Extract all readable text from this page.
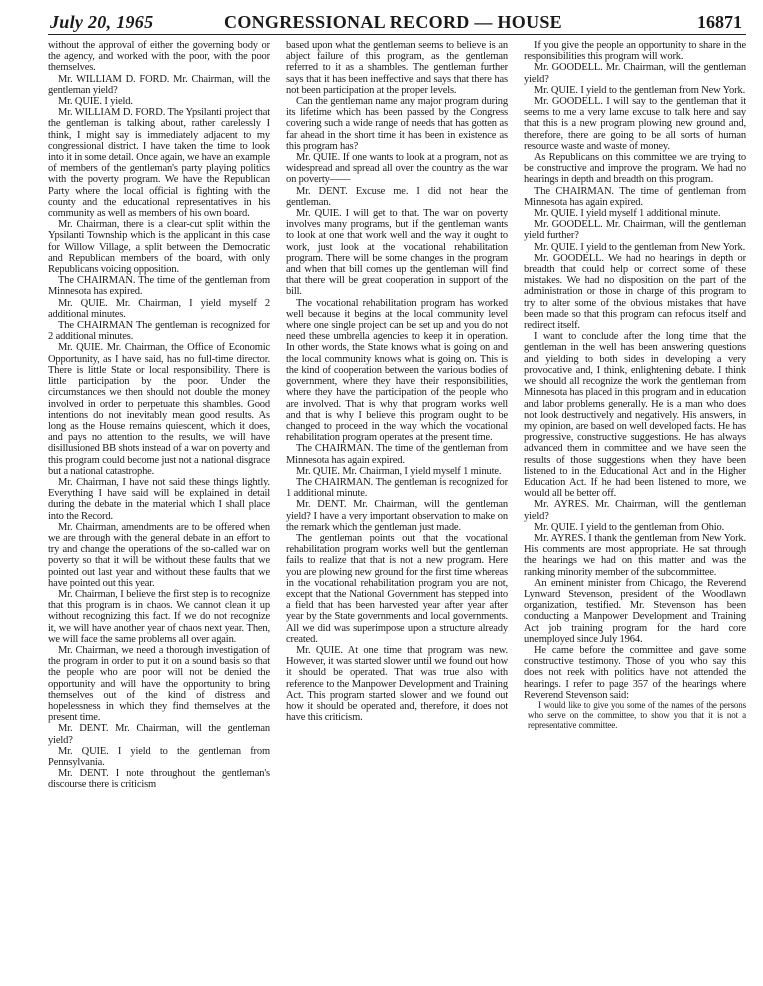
July 20, 1965	CONGRESSIONAL RECORD — HOUSE	16871

without the approval of either the governing body or the agency, and worked with the poor, with the poor themselves.

Mr. WILLIAM D. FORD. Mr. Chairman, will the gentleman yield?

Mr. QUIE. I yield.

Mr. WILLIAM D. FORD. The Ypsilanti project that the gentleman is talking about, rather carelessly I think, I might say is immediately adjacent to my congressional district. I have taken the time to look into it in some detail. Once again, we have an example of members of the gentleman's party playing politics with the poverty program. We have the Republican Party where the local official is fighting with the county and the educational representatives in his community as well as members of his own board.

Mr. Chairman, there is a clear-cut split within the Ypsilanti Township which is the applicant in this case for Willow Village, a split between the Democratic and Republican members of the board, with only Republicans voicing opposition.

The CHAIRMAN. The time of the gentleman from Minnesota has expired.

Mr. QUIE. Mr. Chairman, I yield myself 2 additional minutes.

The CHAIRMAN The gentleman is recognized for 2 additional minutes.

Mr. QUIE. Mr. Chairman, the Office of Economic Opportunity, as I have said, has no full-time director. There is little State or local responsibility. There is little participation by the poor. Under the circumstances we then should not double the money involved in order to perpetuate this shambles. Good intentions do not inevitably mean good results. As long as the House remains quiescent, which it does, and pays no attention to the results, we will have disillusioned BB shots instead of a war on poverty and this program could become just not a national disgrace but a national catastrophe.

Mr. Chairman, I have not said these things lightly. Everything I have said will be explained in detail during the debate in the material which I shall place into the Record.

Mr. Chairman, amendments are to be offered when we are through with the general debate in an effort to try and change the operations of the so-called war on poverty so that it will be without these faults that we pointed out last year and without these faults that we have pointed out this year.

Mr. Chairman, I believe the first step is to recognize that this program is in chaos. We cannot clean it up without recognizing this fact. If we do not recognize it, we will have another year of chaos next year. Then, we will face the same problems all over again.

Mr. Chairman, we need a thorough investigation of the program in order to put it on a sound basis so that the people who are poor will not be denied the opportunity and will have the opportunity to bring themselves out of the kind of distress and hopelessness in which they find themselves at the present time.

Mr. DENT. Mr. Chairman, will the gentleman yield?

Mr. QUIE. I yield to the gentleman from Pennsylvania.

Mr. DENT. I note throughout the gentleman's discourse there is criticism

based upon what the gentleman seems to believe is an abject failure of this program, as the gentleman referred to it as a shambles. The gentleman further says that it has been ineffective and says that there has not been participation at the proper levels.

Can the gentleman name any major program during its lifetime which has been passed by the Congress covering such a wide range of needs that has gotten as far ahead in the short time it has been in existence as this program has?

Mr. QUIE. If one wants to look at a program, not as widespread and spread all over the country as the war on poverty——

Mr. DENT. Excuse me. I did not hear the gentleman.

Mr. QUIE. I will get to that. The war on poverty involves many programs, but if the gentleman wants to look at one that work well and the way it ought to work, just look at the vocational rehabilitation program. There will be some changes in the program and when that bill comes up the gentleman will find that there will be great cooperation in support of the bill.

The vocational rehabilitation program has worked well because it begins at the local community level where one single project can be set up and you do not need these umbrella agencies to keep it in operation. In other words, the State knows what is going on and the local community knows what is going on. This is the kind of cooperation between the various bodies of government, where they have their responsibilities, where they have the participation of the people who are involved. That is why that program works well and that is why I believe this program ought to be changed to proceed in the way which the vocational rehabilitation program operates at the present time.

The CHAIRMAN. The time of the gentleman from Minnesota has again expired.

Mr. QUIE. Mr. Chairman, I yield myself 1 minute.

The CHAIRMAN. The gentleman is recognized for 1 additional minute.

Mr. DENT. Mr. Chairman, will the gentleman yield? I have a very important observation to make on the remark which the gentleman just made.

The gentleman points out that the vocational rehabilitation program works well but the gentleman fails to realize that that is not a new program. Here you are plowing new ground for the first time whereas in the vocational rehabilitation program you are not, except that the National Government has stepped into a field that has been harvested year after year after year by the State governments and local governments. All we did was superimpose upon a structure already created.

Mr. QUIE. At one time that program was new. However, it was started slower until we found out how it should be operated. That was true also with reference to the Manpower Development and Training Act. This program started slower and we found out how it should be operated and, therefore, it does not have this criticism.

If you give the people an opportunity to share in the responsibilities this program will work.

Mr. GOODELL. Mr. Chairman, will the gentleman yield?

Mr. QUIE. I yield to the gentleman from New York.

Mr. GOODELL. I will say to the gentleman that it seems to me a very lame excuse to talk here and say that this is a new program plowing new ground and, therefore, there are going to be all sorts of human resource waste and waste of money.

As Republicans on this committee we are trying to be constructive and improve the program. We had no hearings in depth and breadth on this program.

The CHAIRMAN. The time of gentleman from Minnesota has again expired.

Mr. QUIE. I yield myself 1 additional minute.

Mr. GOODELL. Mr. Chairman, will the gentleman yield further?

Mr. QUIE. I yield to the gentleman from New York.

Mr. GOODELL. We had no hearings in depth or breadth that could help or correct some of these mistakes. We had no disposition on the part of the administration or those in charge of this program to try to alter some of the obvious mistakes that have been made so that this program can refocus itself and redirect itself.

I want to conclude after the long time that the gentleman in the well has been answering questions and yielding to both sides in developing a very provocative and, I think, enlightening debate. I think we should all recognize the work the gentleman from Minnesota has placed in this program and in education and labor problems generally. He is a man who does not look destructively and negatively. His answers, in my opinion, are based on well developed facts. He has progressive, constructive suggestions. He has always advanced them in committee and we have seen the results of those suggestions when they have been listened to in the Educational Act and in the Higher Education Act. If he had been listened to more, we would all be better off.

Mr. AYRES. Mr. Chairman, will the gentleman yield?

Mr. QUIE. I yield to the gentleman from Ohio.

Mr. AYRES. I thank the gentleman from New York. His comments are most appropriate. He sat through the hearings we had on this matter and was the ranking minority member of the subcommittee.

An eminent minister from Chicago, the Reverend Lynward Stevenson, president of the Woodlawn organization, testified. Mr. Stevenson has been conducting a Manpower Development and Training Act job training program for the hard core unemployed since July 1964.

He came before the committee and gave some constructive testimony. Those of you who say this does not reek with politics have not attended the hearings. I refer to page 357 of the hearings where Reverend Stevenson said:

I would like to give you some of the names of the persons who serve on the committee, to show you that it is not a representative committee.
